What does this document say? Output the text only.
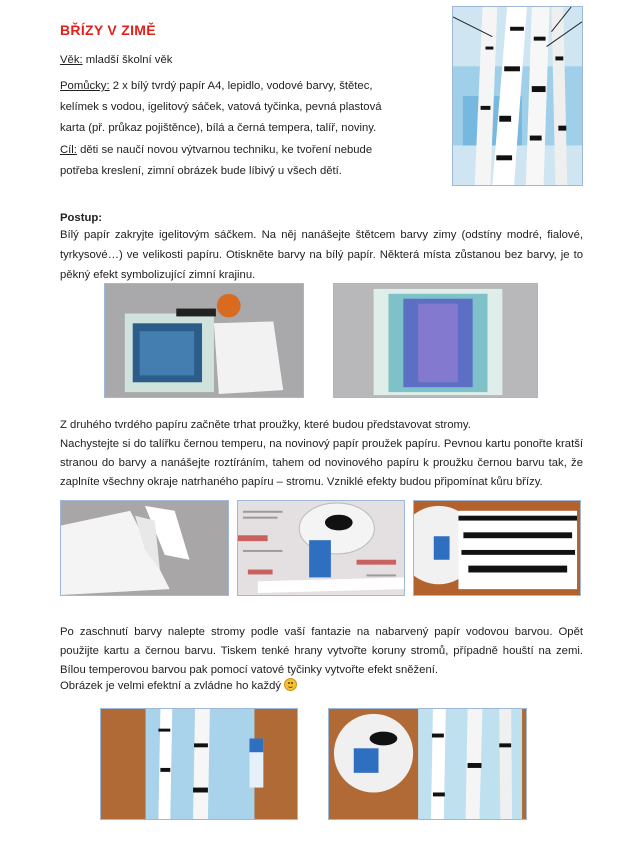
BŘÍZY V ZIMĚ
Věk: mladší školní věk
Pomůcky: 2 x bílý tvrdý papír A4, lepidlo, vodové barvy, štětec,
kelímek s vodou, igelitový sáček, vatová tyčinka, pevná plastová
karta (př. průkaz pojištěnce), bílá a černá tempera, talíř, noviny.
Cíl: děti se naučí novou výtvarnou techniku, ke tvoření nebude
potřeba kreslení, zimní obrázek bude líbivý u všech dětí.
Postup:
Bílý papír zakryjte igelitovým sáčkem. Na něj nanášejte štětcem barvy zimy (odstíny modré, fialové, tyrkysové…) ve velikosti papíru. Otiskněte barvy na bílý papír. Některá místa zůstanou bez barvy, je to pěkný efekt symbolizující zimní krajinu.
Z druhého tvrdého papíru začněte trhat proužky, které budou představovat stromy.
Nachystejte si do talířku černou temperu, na novinový papír proužek papíru. Pevnou kartu ponořte kratší stranou do barvy a nanášejte roztíráním, tahem od novinového papíru k proužku černou barvu tak, že zaplníte všechny okraje natrhaného papíru – stromu. Vzniklé efekty budou připomínat kůru břízy.
Po zaschnutí barvy nalepte stromy podle vaší fantazie na nabarvený papír vodovou barvou. Opět použijte kartu a černou barvu. Tiskem tenké hrany vytvořte koruny stromů, případně houští na zemi. Bílou temperovou barvou pak pomocí vatové tyčinky vytvořte efekt sněžení.
Obrázek je velmi efektní a zvládne ho každý
